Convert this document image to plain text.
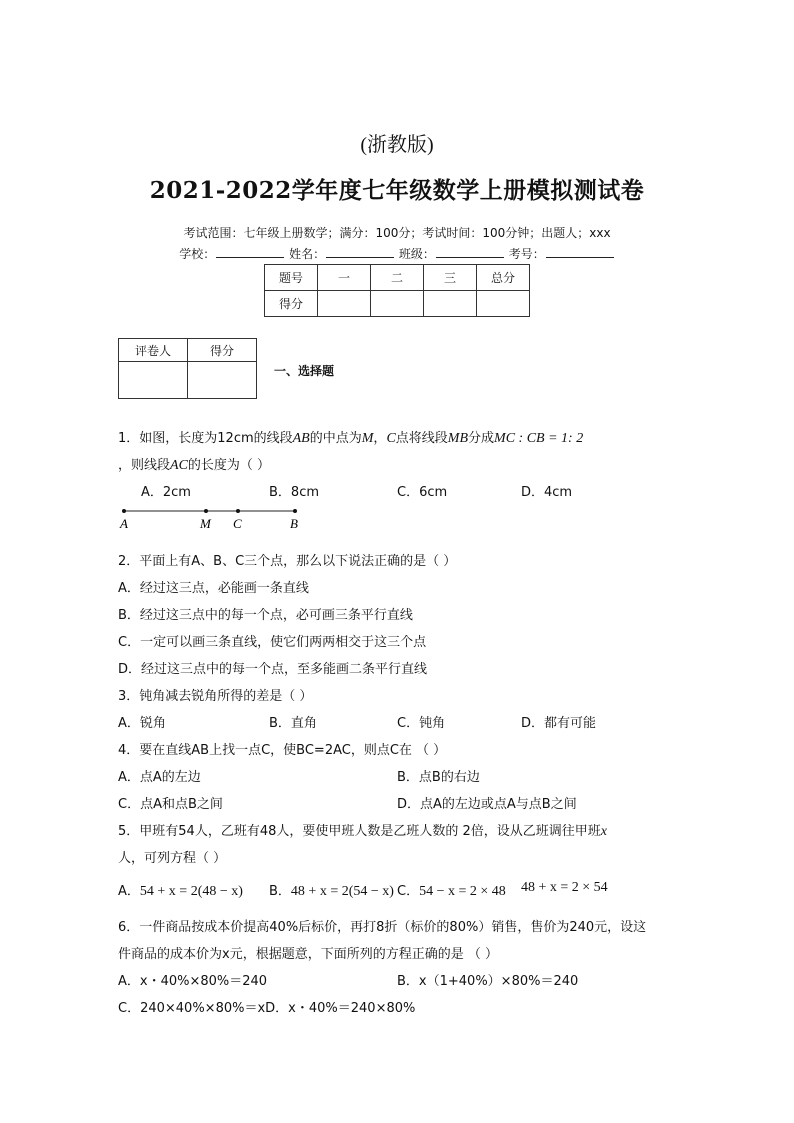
(浙教版)
2021-2022学年度七年级数学上册模拟测试卷
考试范围：七年级上册数学；满分：100分；考试时间：100分钟；出题人；xxx
学校：	姓名：	班级：	考号：
题号	一	二	三	总分
得分				
评卷人	得分

一、选择题
1．如图，长度为12cm的线段AB的中点为M，C点将线段MB分成MC : CB = 1: 2
，则线段AC的长度为（ ）
A．2cm	B．8cm	C．6cm	D．4cm
A	M C	B
2．平面上有A、B、C三个点，那么以下说法正确的是（ ）
A．经过这三点，必能画一条直线
B．经过这三点中的每一个点，必可画三条平行直线
C．一定可以画三条直线，使它们两两相交于这三个点
D．经过这三点中的每一个点，至多能画二条平行直线
3．钝角减去锐角所得的差是（ ）
A．锐角	B．直角	C．钝角	D．都有可能
4．要在直线AB上找一点C，使BC=2AC，则点C在 （ ）
A．点A的左边	B．点B的右边
C．点A和点B之间	D．点A的左边或点A与点B之间
5．甲班有54人，乙班有48人，要使甲班人数是乙班人数的 2倍，设从乙班调往甲班x
人，可列方程（ ）
A．54 + x = 2(48 − x) B．48 + x = 2(54 − x) C．54 − x = 2 × 48 48 + x = 2 × 54
6．一件商品按成本价提高40%后标价，再打8折（标价的80%）销售，售价为240元，设这
件商品的成本价为x元，根据题意，下面所列的方程正确的是 （ ）
A．x・40%×80%＝240	B．x（1+40%）×80%＝240
C．240×40%×80%＝xD．x・40%＝240×80%
